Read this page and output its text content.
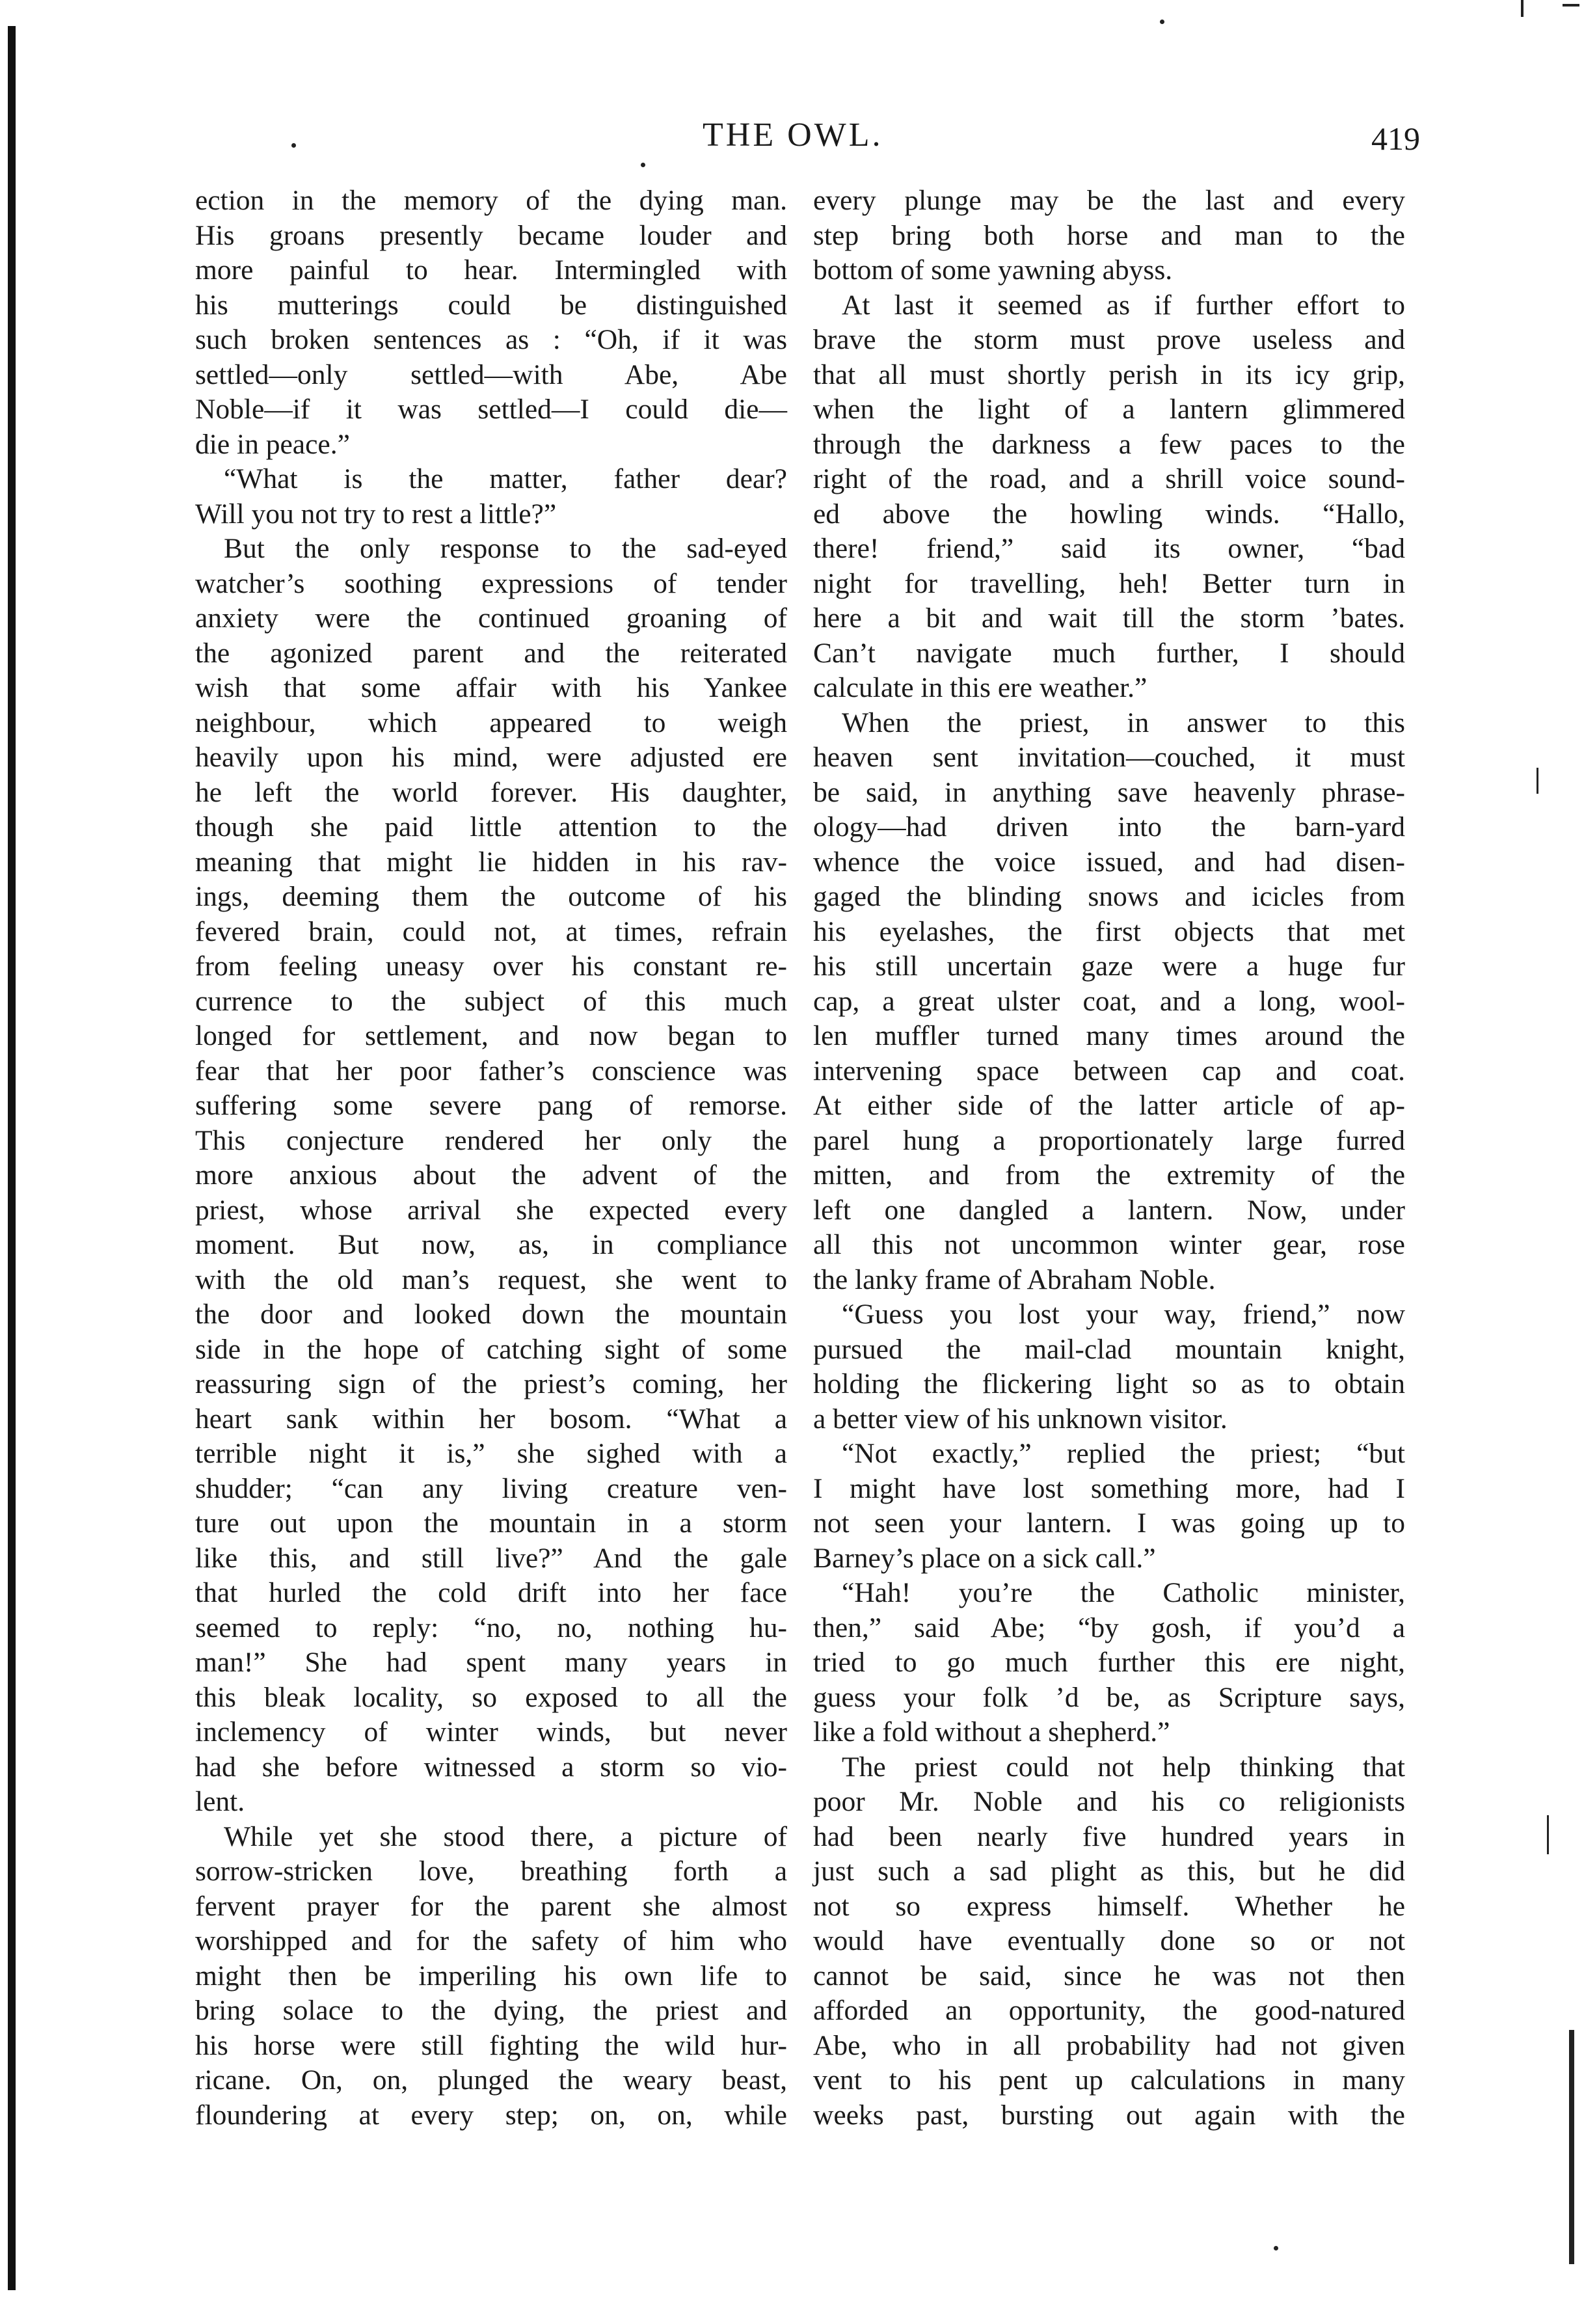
THE OWL.	419

ection in the memory of the dying man.
His groans presently became louder and
more painful to hear. Intermingled with
his mutterings could be distinguished
such broken sentences as : “Oh, if it was
settled—only settled—with Abe, Abe
Noble—if it was settled—I could die—
die in peace.”

“What is the matter, father dear?
Will you not try to rest a little?”

But the only response to the sad-eyed
watcher’s soothing expressions of tender
anxiety were the continued groaning of
the agonized parent and the reiterated
wish that some affair with his Yankee
neighbour, which appeared to weigh
heavily upon his mind, were adjusted ere
he left the world forever. His daughter,
though she paid little attention to the
meaning that might lie hidden in his rav-
ings, deeming them the outcome of his
fevered brain, could not, at times, refrain
from feeling uneasy over his constant re-
currence to the subject of this much
longed for settlement, and now began to
fear that her poor father’s conscience was
suffering some severe pang of remorse.
This conjecture rendered her only the
more anxious about the advent of the
priest, whose arrival she expected every
moment. But now, as, in compliance
with the old man’s request, she went to
the door and looked down the mountain
side in the hope of catching sight of some
reassuring sign of the priest’s coming, her
heart sank within her bosom. “What a
terrible night it is,” she sighed with a
shudder; “can any living creature ven-
ture out upon the mountain in a storm
like this, and still live?” And the gale
that hurled the cold drift into her face
seemed to reply: “no, no, nothing hu-
man!” She had spent many years in
this bleak locality, so exposed to all the
inclemency of winter winds, but never
had she before witnessed a storm so vio-
lent.

While yet she stood there, a picture of
sorrow-stricken love, breathing forth a
fervent prayer for the parent she almost
worshipped and for the safety of him who
might then be imperiling his own life to
bring solace to the dying, the priest and
his horse were still fighting the wild hur-
ricane. On, on, plunged the weary beast,
floundering at every step; on, on, while

every plunge may be the last and every
step bring both horse and man to the
bottom of some yawning abyss.

At last it seemed as if further effort to
brave the storm must prove useless and
that all must shortly perish in its icy grip,
when the light of a lantern glimmered
through the darkness a few paces to the
right of the road, and a shrill voice sound-
ed above the howling winds. “Hallo,
there! friend,” said its owner, “bad
night for travelling, heh! Better turn in
here a bit and wait till the storm ’bates.
Can’t navigate much further, I should
calculate in this ere weather.”

When the priest, in answer to this
heaven sent invitation—couched, it must
be said, in anything save heavenly phrase-
ology—had driven into the barn-yard
whence the voice issued, and had disen-
gaged the blinding snows and icicles from
his eyelashes, the first objects that met
his still uncertain gaze were a huge fur
cap, a great ulster coat, and a long, wool-
len muffler turned many times around the
intervening space between cap and coat.
At either side of the latter article of ap-
parel hung a proportionately large furred
mitten, and from the extremity of the
left one dangled a lantern. Now, under
all this not uncommon winter gear, rose
the lanky frame of Abraham Noble.

“Guess you lost your way, friend,” now
pursued the mail-clad mountain knight,
holding the flickering light so as to obtain
a better view of his unknown visitor.

“Not exactly,” replied the priest; “but
I might have lost something more, had I
not seen your lantern. I was going up to
Barney’s place on a sick call.”

“Hah! you’re the Catholic minister,
then,” said Abe; “by gosh, if you’d a
tried to go much further this ere night,
guess your folk ’d be, as Scripture says,
like a fold without a shepherd.”

The priest could not help thinking that
poor Mr. Noble and his co religionists
had been nearly five hundred years in
just such a sad plight as this, but he did
not so express himself. Whether he
would have eventually done so or not
cannot be said, since he was not then
afforded an opportunity, the good-natured
Abe, who in all probability had not given
vent to his pent up calculations in many
weeks past, bursting out again with the
